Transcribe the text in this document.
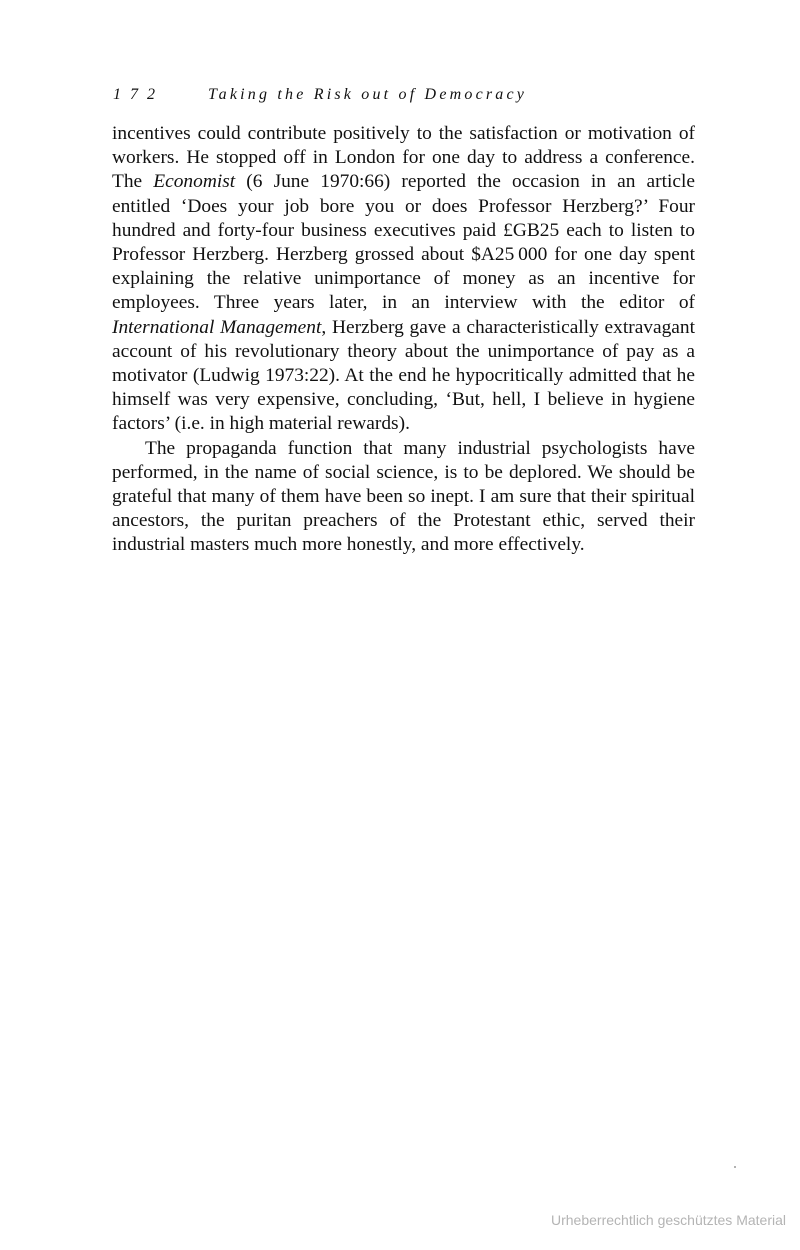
172	Taking the Risk out of Democracy

incentives could contribute positively to the satisfaction or motivation of workers. He stopped off in London for one day to address a conference. The Economist (6 June 1970:66) reported the occasion in an article entitled ‘Does your job bore you or does Professor Herzberg?’ Four hundred and forty-four business executives paid £GB25 each to listen to Professor Herzberg. Herzberg grossed about $A25 000 for one day spent explaining the relative unimportance of money as an incentive for employees. Three years later, in an interview with the editor of International Management, Herzberg gave a characteristically extravagant account of his revolutionary theory about the unimportance of pay as a motivator (Ludwig 1973:22). At the end he hypocritically admitted that he himself was very expensive, concluding, ‘But, hell, I believe in hygiene factors’ (i.e. in high material rewards).

The propaganda function that many industrial psychologists have performed, in the name of social science, is to be deplored. We should be grateful that many of them have been so inept. I am sure that their spiritual ancestors, the puritan preachers of the Protestant ethic, served their industrial masters much more honestly, and more effectively.

Urheberrechtlich geschütztes Material
